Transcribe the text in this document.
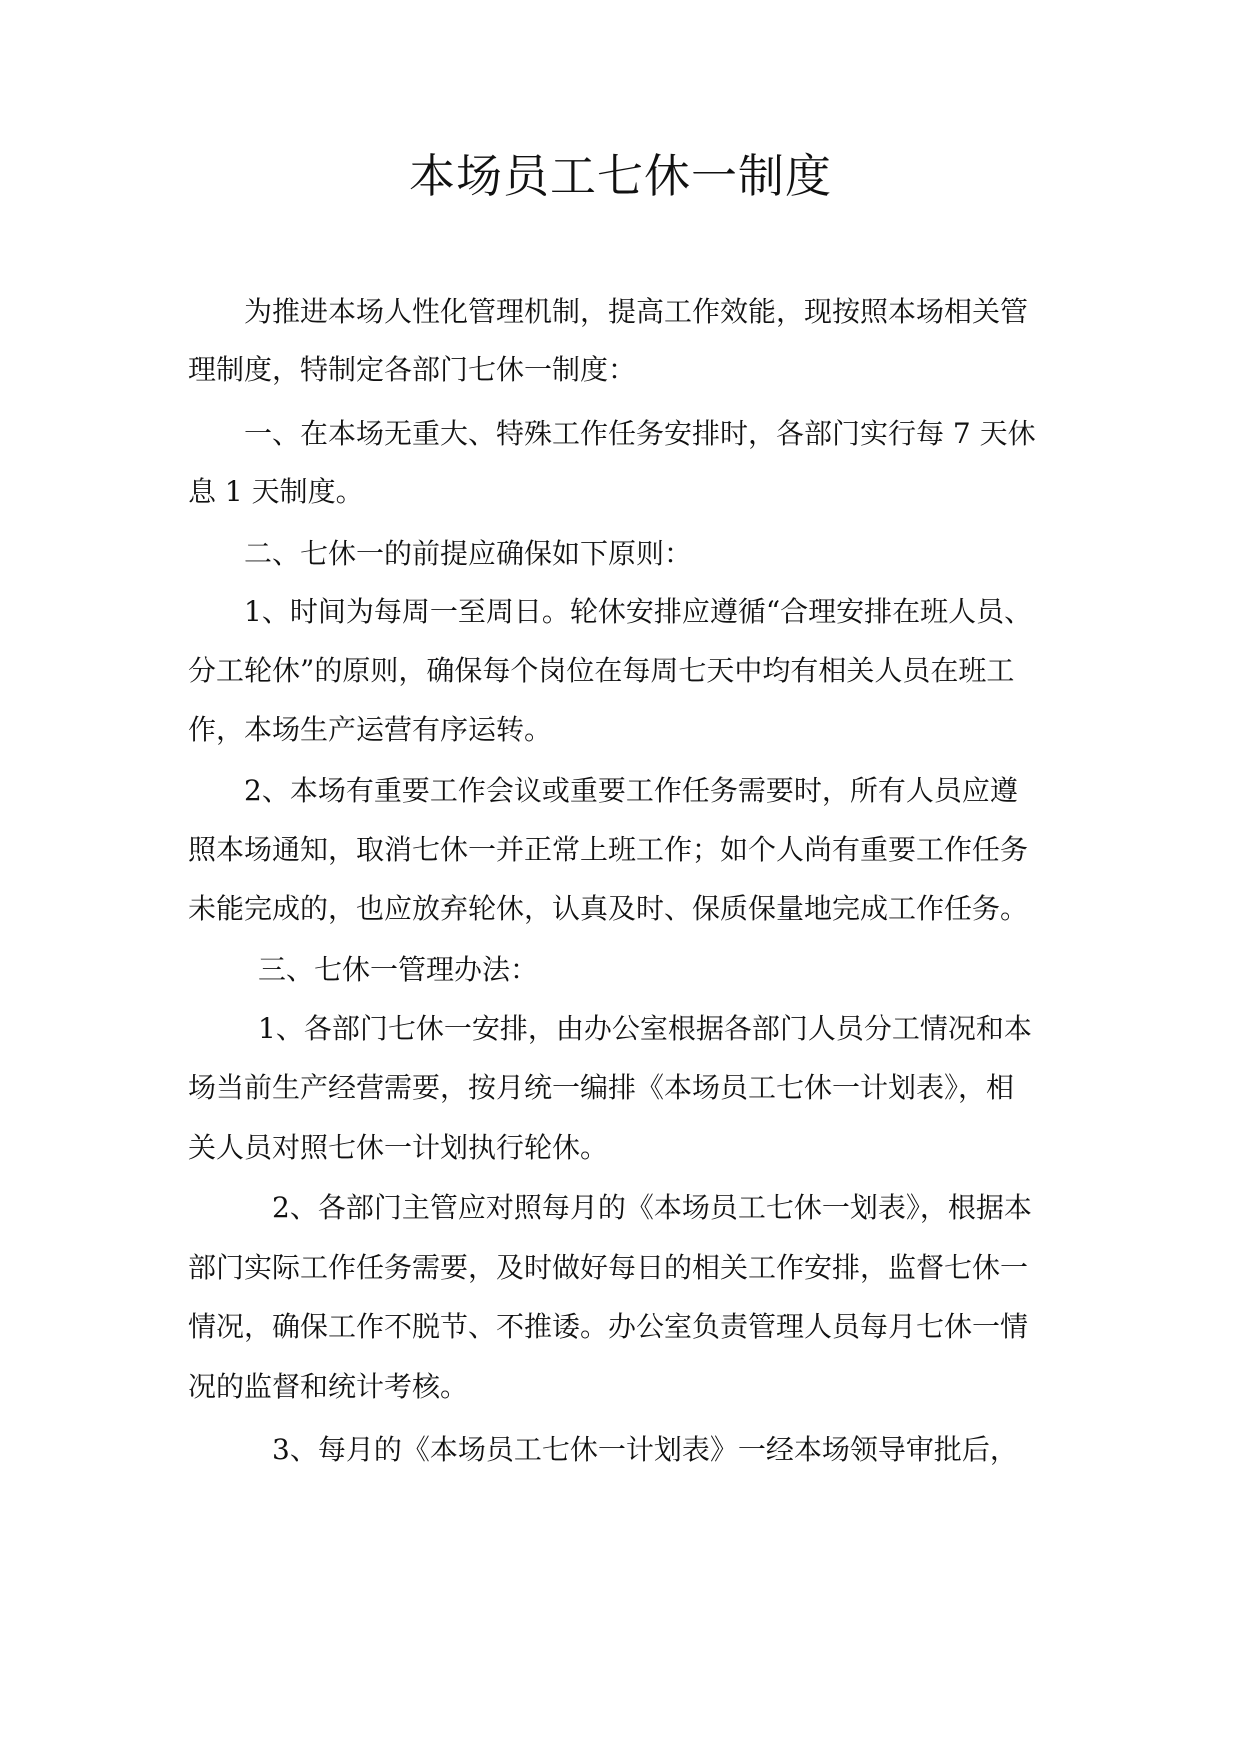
本场员工七休一制度

为推进本场人性化管理机制，提高工作效能，现按照本场相关管

理制度，特制定各部门七休一制度：

一、在本场无重大、特殊工作任务安排时，各部门实行每 7 天休

息 1 天制度。

二、七休一的前提应确保如下原则：

1、时间为每周一至周日。轮休安排应遵循“合理安排在班人员、

分工轮休”的原则，确保每个岗位在每周七天中均有相关人员在班工

作，本场生产运营有序运转。

2、本场有重要工作会议或重要工作任务需要时，所有人员应遵

照本场通知，取消七休一并正常上班工作；如个人尚有重要工作任务

未能完成的，也应放弃轮休，认真及时、保质保量地完成工作任务。

三、七休一管理办法：

1、各部门七休一安排，由办公室根据各部门人员分工情况和本

场当前生产经营需要，按月统一编排《本场员工七休一计划表》，相

关人员对照七休一计划执行轮休。

2、各部门主管应对照每月的《本场员工七休一划表》，根据本

部门实际工作任务需要，及时做好每日的相关工作安排，监督七休一

情况，确保工作不脱节、不推诿。办公室负责管理人员每月七休一情

况的监督和统计考核。

3、每月的《本场员工七休一计划表》一经本场领导审批后，
